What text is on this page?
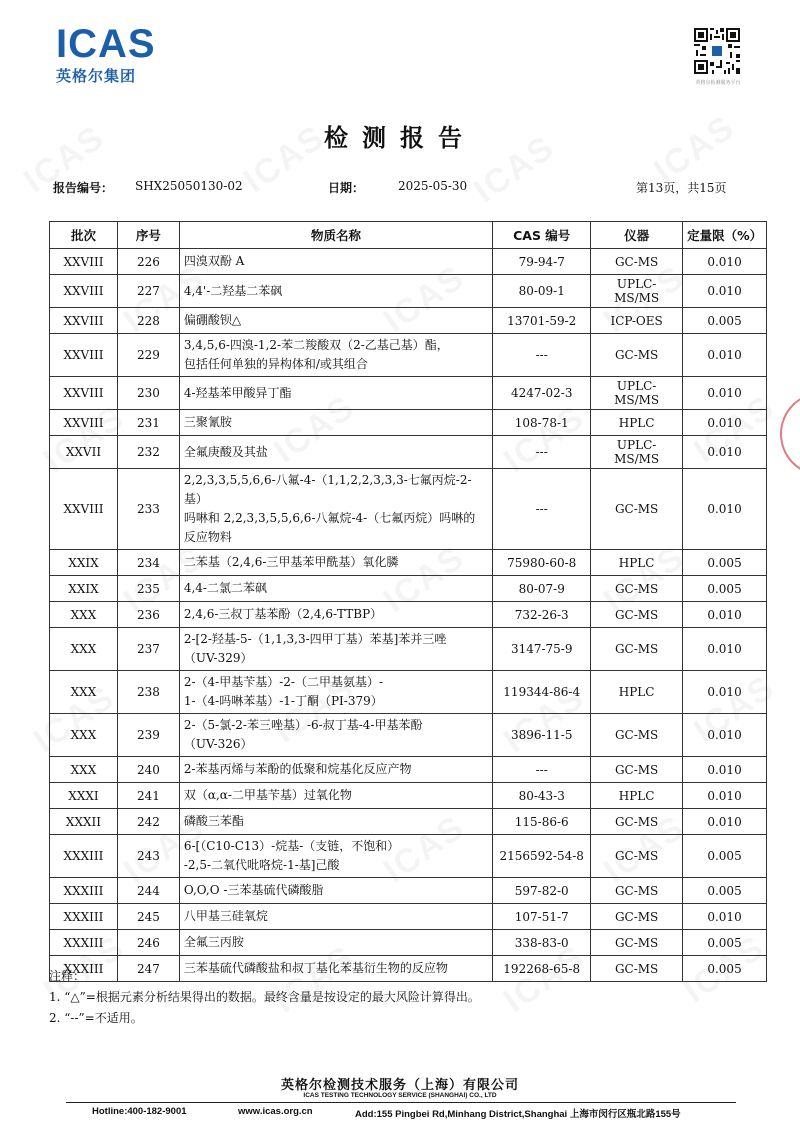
ICAS
英格尔集团	英格尔检测服务平台
检测报告
报告编号： SHX25050130-02	日期：	2025-05-30	第13页，共15页
批次	序号	物质名称	CAS 编号	仪器	定量限（%）
XXVIII	226	四溴双酚 A	79-94-7	GC-MS	0.010
XXVIII	227	4,4'-二羟基二苯砜	80-09-1	UPLC-MS/MS	0.010
XXVIII	228	偏硼酸钡△	13701-59-2	ICP-OES	0.005
XXVIII	229	3,4,5,6-四溴-1,2-苯二羧酸双（2-乙基己基）酯，
包括任何单独的异构体和/或其组合	---	GC-MS	0.010
XXVIII	230	4-羟基苯甲酸异丁酯	4247-02-3	UPLC-MS/MS	0.010
XXVIII	231	三聚氰胺	108-78-1	HPLC	0.010
XXVII	232	全氟庚酸及其盐	---	UPLC-MS/MS	0.010
XXVIII	233	2,2,3,3,5,5,6,6-八氟-4-（1,1,2,2,3,3,3-七氟丙烷-2-基）
吗啉和 2,2,3,3,5,5,6,6-八氟烷-4-（七氟丙烷）吗啉的
反应物料	---	GC-MS	0.010
XXIX	234	二苯基（2,4,6-三甲基苯甲酰基）氧化膦	75980-60-8	HPLC	0.005
XXIX	235	4,4-二氯二苯砜	80-07-9	GC-MS	0.005
XXX	236	2,4,6-三叔丁基苯酚（2,4,6-TTBP）	732-26-3	GC-MS	0.010
XXX	237	2-[2-羟基-5-（1,1,3,3-四甲丁基）苯基]苯并三唑
（UV-329）	3147-75-9	GC-MS	0.010
XXX	238	2-（4-甲基苄基）-2-（二甲基氨基）-
1-（4-吗啉苯基）-1-丁酮（PI-379）	119344-86-4	HPLC	0.010
XXX	239	2-（5-氯-2-苯三唑基）-6-叔丁基-4-甲基苯酚
（UV-326）	3896-11-5	GC-MS	0.010
XXX	240	2-苯基丙烯与苯酚的低聚和烷基化反应产物	---	GC-MS	0.010
XXXI	241	双（α,α-二甲基苄基）过氧化物	80-43-3	HPLC	0.010
XXXII	242	磷酸三苯酯	115-86-6	GC-MS	0.010
XXXIII	243	6-[（C10-C13）-烷基-（支链，不饱和）
-2,5-二氧代吡咯烷-1-基]己酸	2156592-54-8	GC-MS	0.005
XXXIII	244	O,O,O -三苯基硫代磷酸脂	597-82-0	GC-MS	0.005
XXXIII	245	八甲基三硅氧烷	107-51-7	GC-MS	0.010
XXXIII	246	全氟三丙胺	338-83-0	GC-MS	0.005
XXXIII	247	三苯基硫代磷酸盐和叔丁基化苯基衍生物的反应物	192268-65-8	GC-MS	0.005
注释：
1. “△”=根据元素分析结果得出的数据。最终含量是按设定的最大风险计算得出。
2. “--”=不适用。
英格尔检测技术服务（上海）有限公司
ICAS TESTING TECHNOLOGY SERVICE (SHANGHAI) CO., LTD
Hotline:400-182-9001	www.icas.org.cn	Add:155 Pingbei Rd,Minhang District,Shanghai 上海市闵行区瓶北路155号
